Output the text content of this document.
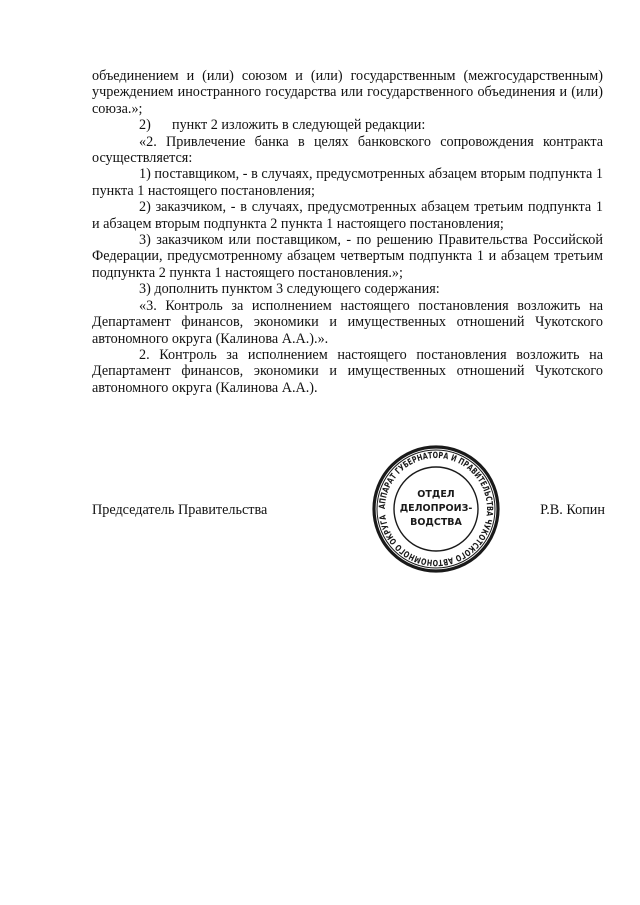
объединением и (или) союзом и (или) государственным (межгосударственным) учреждением иностранного государства или государственного объединения и (или) союза.»;

2) пункт 2 изложить в следующей редакции:

«2. Привлечение банка в целях банковского сопровождения контракта осуществляется:

1) поставщиком, - в случаях, предусмотренных абзацем вторым подпункта 1 пункта 1 настоящего постановления;

2) заказчиком, - в случаях, предусмотренных абзацем третьим подпункта 1 и абзацем вторым подпункта 2 пункта 1 настоящего постановления;

3) заказчиком или поставщиком, - по решению Правительства Российской Федерации, предусмотренному абзацем четвертым подпункта 1 и абзацем третьим подпункта 2 пункта 1 настоящего постановления.»;

3) дополнить пунктом 3 следующего содержания:

«3. Контроль за исполнением настоящего постановления возложить на Департамент финансов, экономики и имущественных отношений Чукотского автономного округа (Калинова А.А.).».

2. Контроль за исполнением настоящего постановления возложить на Департамент финансов, экономики и имущественных отношений Чукотского автономного округа (Калинова А.А.).

Председатель Правительства	Р.В. Копин
АППАРАТ ГУБЕРНАТОРА И ПРАВИТЕЛЬСТВА ЧУКОТСКОГО АВТОНОМНОГО ОКРУГА
ОТДЕЛ
ДЕЛОПРОИЗ-
ВОДСТВА
